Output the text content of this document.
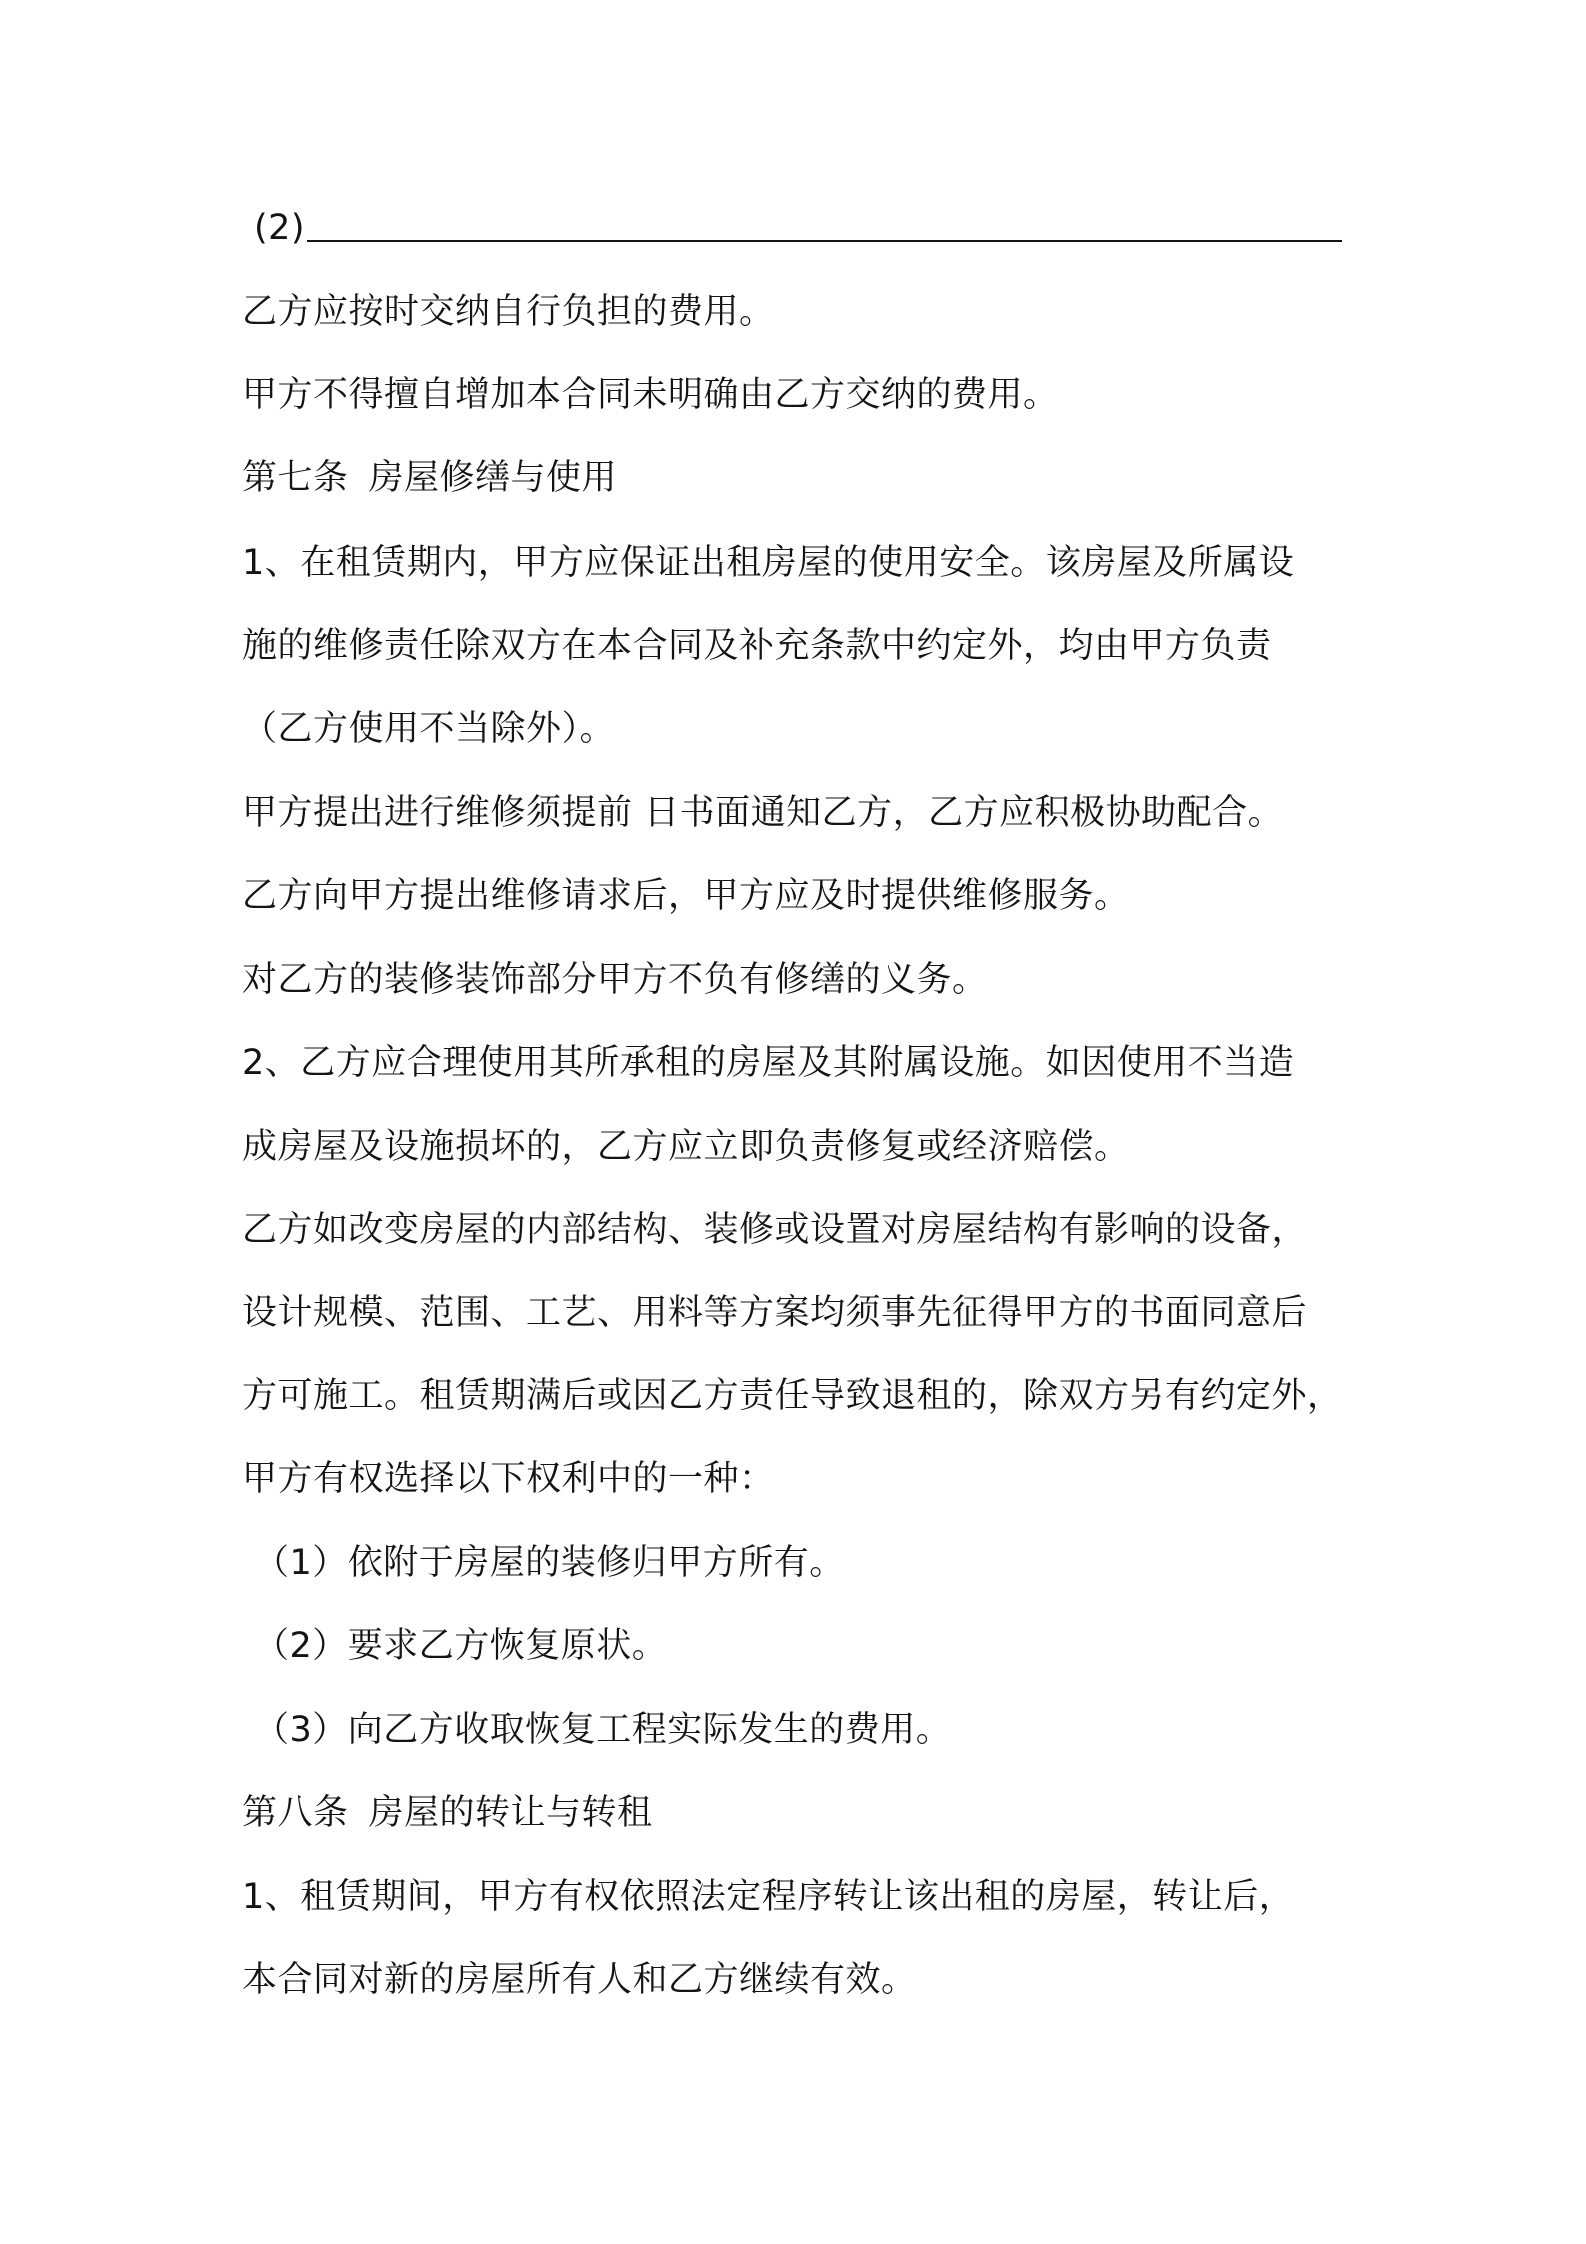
(2)
乙方应按时交纳自行负担的费用。
甲方不得擅自增加本合同未明确由乙方交纳的费用。
第七条 房屋修缮与使用
1、在租赁期内，甲方应保证出租房屋的使用安全。该房屋及所属设
施的维修责任除双方在本合同及补充条款中约定外，均由甲方负责
（乙方使用不当除外）。
甲方提出进行维修须提前 日书面通知乙方，乙方应积极协助配合。
乙方向甲方提出维修请求后，甲方应及时提供维修服务。
对乙方的装修装饰部分甲方不负有修缮的义务。
2、乙方应合理使用其所承租的房屋及其附属设施。如因使用不当造
成房屋及设施损坏的，乙方应立即负责修复或经济赔偿。
乙方如改变房屋的内部结构、装修或设置对房屋结构有影响的设备，
设计规模、范围、工艺、用料等方案均须事先征得甲方的书面同意后
方可施工。租赁期满后或因乙方责任导致退租的，除双方另有约定外，
甲方有权选择以下权利中的一种：
（1）依附于房屋的装修归甲方所有。
（2）要求乙方恢复原状。
（3）向乙方收取恢复工程实际发生的费用。
第八条 房屋的转让与转租
1、租赁期间，甲方有权依照法定程序转让该出租的房屋，转让后，
本合同对新的房屋所有人和乙方继续有效。
